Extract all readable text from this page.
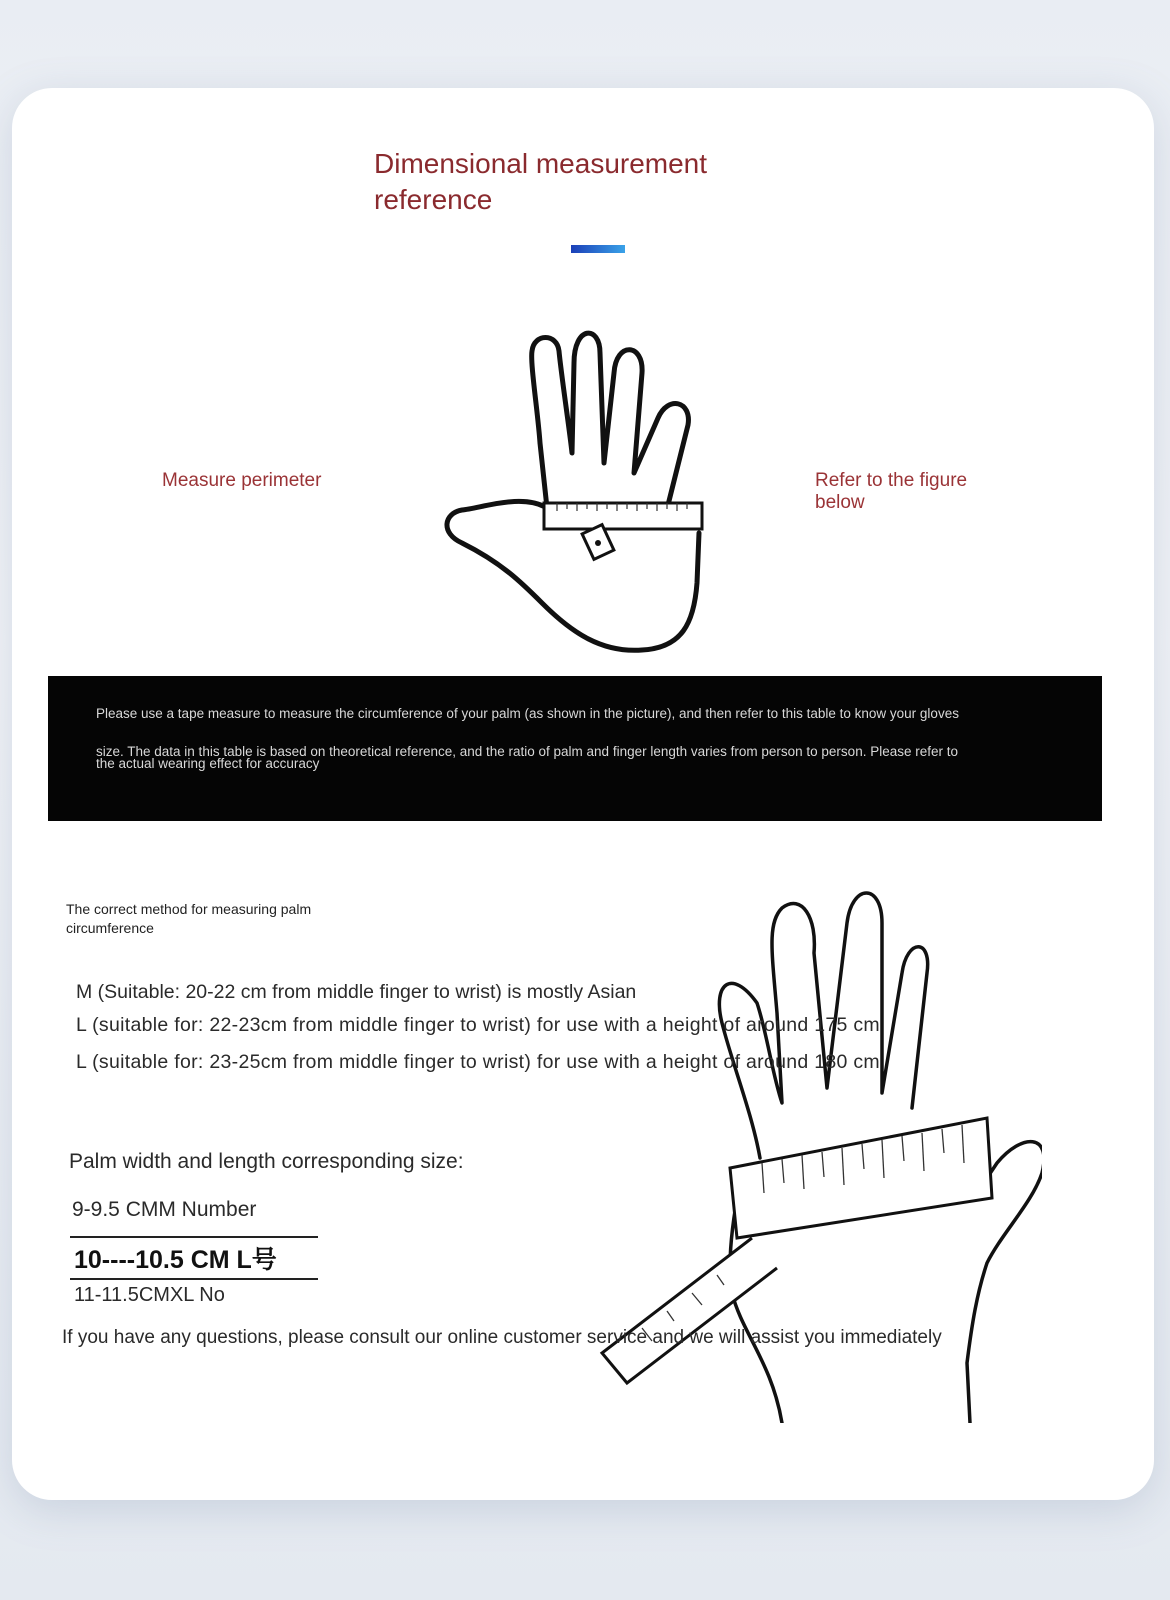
Dimensional measurement
reference
Measure perimeter	Refer to the figure
below
Please use a tape measure to measure the circumference of your palm (as shown in the picture), and then refer to this table to know your gloves
size. The data in this table is based on theoretical reference, and the ratio of palm and finger length varies from person to person. Please refer to
the actual wearing effect for accuracy
The correct method for measuring palm
circumference
M (Suitable: 20-22 cm from middle finger to wrist) is mostly Asian
L (suitable for: 22-23cm from middle finger to wrist) for use with a height of around 175 cm
L (suitable for: 23-25cm from middle finger to wrist) for use with a height of around 180 cm
Palm width and length corresponding size:
9-9.5 CMM Number
10----10.5 CM L号
11-11.5CMXL No
If you have any questions, please consult our online customer service and we will assist you immediately
